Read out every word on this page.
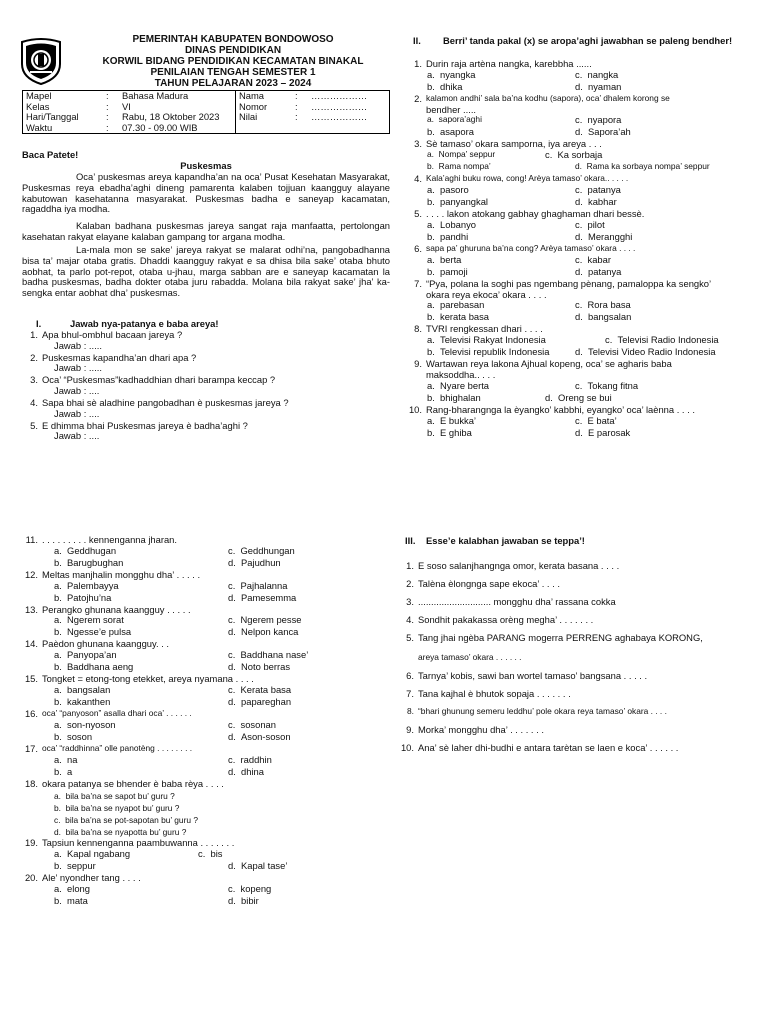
PEMERINTAH KABUPATEN BONDOWOSO
DINAS PENDIDIKAN
KORWIL BIDANG PENDIDIKAN KECAMATAN BINAKAL
PENILAIAN TENGAH SEMESTER 1
TAHUN PELAJARAN 2023 – 2024
Mapel	:	Bahasa Madura	Nama	:	………………
Kelas	:	VI	Nomor	:	………………
Hari/Tanggal	:	Rabu, 18 Oktober 2023	Nilai	:	………………
Waktu	:	07.30 - 09.00 WIB			
Baca Patete!
Puskesmas
Oca’ puskesmas areya kapandha’an na oca’ Pusat Kesehatan Masyarakat, Puskesmas reya ebadha’aghi dineng pamarenta kalaben tojjuan kaangguy alayane kabutowan kasehatanna masyarakat. Puskesmas badha e saneyap kacamatan, ragaddha iya modha.
Kalaban badhana puskesmas jareya sangat raja manfaatta, pertolongan kasehatan rakyat elayane kalaban gampang tor argana modha.
La-mala mon se sake’ jareya rakyat se malarat odhi’na, pangobadhanna bisa ta’ majar otaba gratis. Dhaddi kaangguy rakyat e sa dhisa bila sake’ otaba bhuto aobhat, ta parlo pot-repot, otaba u-jhau, marga sabban are e saneyap kacamatan la badha puskesmas, badha dokter otaba juru rabadda. Molana bila rakyat sake’ jha’ ka-sengka entar aobhat dha’ puskesmas.
I.	Jawab nya-patanya e baba areya!
1. Apa bhul-ombhul bacaan jareya ?
Jawab : .....
2. Puskesmas kapandha’an dhari apa ?
Jawab : .....
3. Oca’ “Puskesmas”kadhaddhian dhari barampa keccap ?
Jawab : ....
4. Sapa bhai sè aladhine pangobadhan è puskesmas jareya ?
Jawab : ....
5. E dhimma bhai Puskesmas jareya è badha’aghi ?
Jawab : ....
II. Berri’ tanda pakal (x) se aropa’aghi jawabhan se paleng bendher!
1. Durin raja artèna nangka, karebbha ......
a.  nyangka	c.  nangka
b.  dhika	d.  nyaman
2. kalamon andhi’ sala ba’na kodhu (sapora), oca’ dhalem korong se
bendher .....
a.  sapora’aghi	c.  nyapora
b.  asapora	d.  Sapora’ah
3. Sè tamaso’ okara samporna, iya areya . . .
a.  Nompa’ seppur	c.  Ka sorbaja
b.  Rama nompa’	d.  Rama ka sorbaya nompa’ seppur
4. Kala’aghi buku rowa, cong! Arèya tamaso’ okara.. . . . .
a.  pasoro	c.  patanya
b.  panyangkal	d.  kabhar
5. . . . . lakon atokang gabhay ghaghaman dhari bessè.
a.  Lobanyo	c.  pilot
b.  pandhi	d.  Merangghi
6. sapa pa’ ghuruna ba’na cong? Arèya tamaso’ okara . . . .
a.  berta	c.  kabar
b.  pamoji	d.  patanya
7. “Pya, polana la soghi pas ngembang pènang, pamaloppa ka sengko’
okara reya ekoca’ okara . . . .
a.  parebasan	c.  Rora basa
b.  kerata basa	d.  bangsalan
8. TVRI rengkessan dhari . . . .
a.  Televisi Rakyat Indonesia	c.  Televisi Radio Indonesia
b.  Televisi republik Indonesia	d.  Televisi Video Radio Indonesia
9. Wartawan reya lakona Ajhual kopeng, oca’ se agharis baba
maksoddha.. . . .
a.  Nyare berta	c.  Tokang fitna
b.  bhighalan	d.  Oreng se bui
10. Rang-bharangnga la èyangko’ kabbhi, eyangko’ oca’ laènna . . . .
a.  E bukka’	c.  E bata’
b.  E ghiba	d.  E parosak
11. . . . . . . . . . kennenganna jharan.
a.  Geddhugan	c.  Geddhungan
b.  Barugbughan	d.  Pajudhun
12. Meltas manjhalin mongghu dha’ . . . . .
a.  Palembayya	c.  Pajhalanna
b.  Patojhu’na	d.  Pamesemma
13. Perangko ghunana kaangguy . . . . .
a.  Ngerem sorat	c.  Ngerem pesse
b.  Ngesse’e pulsa	d.  Nelpon kanca
14. Paèdon ghunana kaangguy. . .
a.  Panyopa’an	c.  Baddhana nase’
b.  Baddhana aeng	d.  Noto berras
15. Tongket = etong-tong etekket, areya nyamana . . . .
a.  bangsalan	c.  Kerata basa
b.  kakanthen	d.  papareghan
16. oca’ “panyoson” asalla dhari oca’ . . . . . .
a.  son-nyoson	c.  sosonan
b.  soson	d.  Ason-soson
17. oca’ “raddhinna” olle panotèng . . . . . . . .
a.  na	c.  raddhin
b.  a	d.  dhina
18. okara patanya se bhender è baba rèya . . . .
a.  bila ba’na se sapot bu’ guru ?
b.  bila ba’na se nyapot bu’ guru ?
c.  bila ba’na se pot-sapotan bu’ guru ?
d.  bila ba’na se nyapotta bu’ guru ?
19. Tapsiun kennenganna paambuwanna . . . . . . .
a.  Kapal ngabang	c.  bis
b.  seppur	d.  Kapal tase’
20. Ale’ nyondher tang . . . .
a.  elong	c.  kopeng
b.  mata	d.  bibir
III. Esse’e kalabhan jawaban se teppa’!
1. E soso salanjhangnga omor, kerata basana . . . .
2. Talèna èlongnga sape ekoca’ . . . .
3. ............................ mongghu dha’ rassana cokka
4. Sondhit pakakassa orèng megha’ . . . . . . .
5. Tang jhai ngèba PARANG mogerra PERRENG aghabaya KORONG,
areya tamaso’ okara . . . . . .
6. Tarnya’ kobis, sawi ban wortel tamaso’ bangsana . . . . .
7. Tana kajhal è bhutok sopaja . . . . . . .
8. “bhari ghunung semeru leddhu’ pole okara reya tamaso’ okara . . . .
9. Morka’ mongghu dha’ . . . . . . .
10. Ana’ sè laher dhi-budhi e antara tarètan se laen e koca’ . . . . . .
